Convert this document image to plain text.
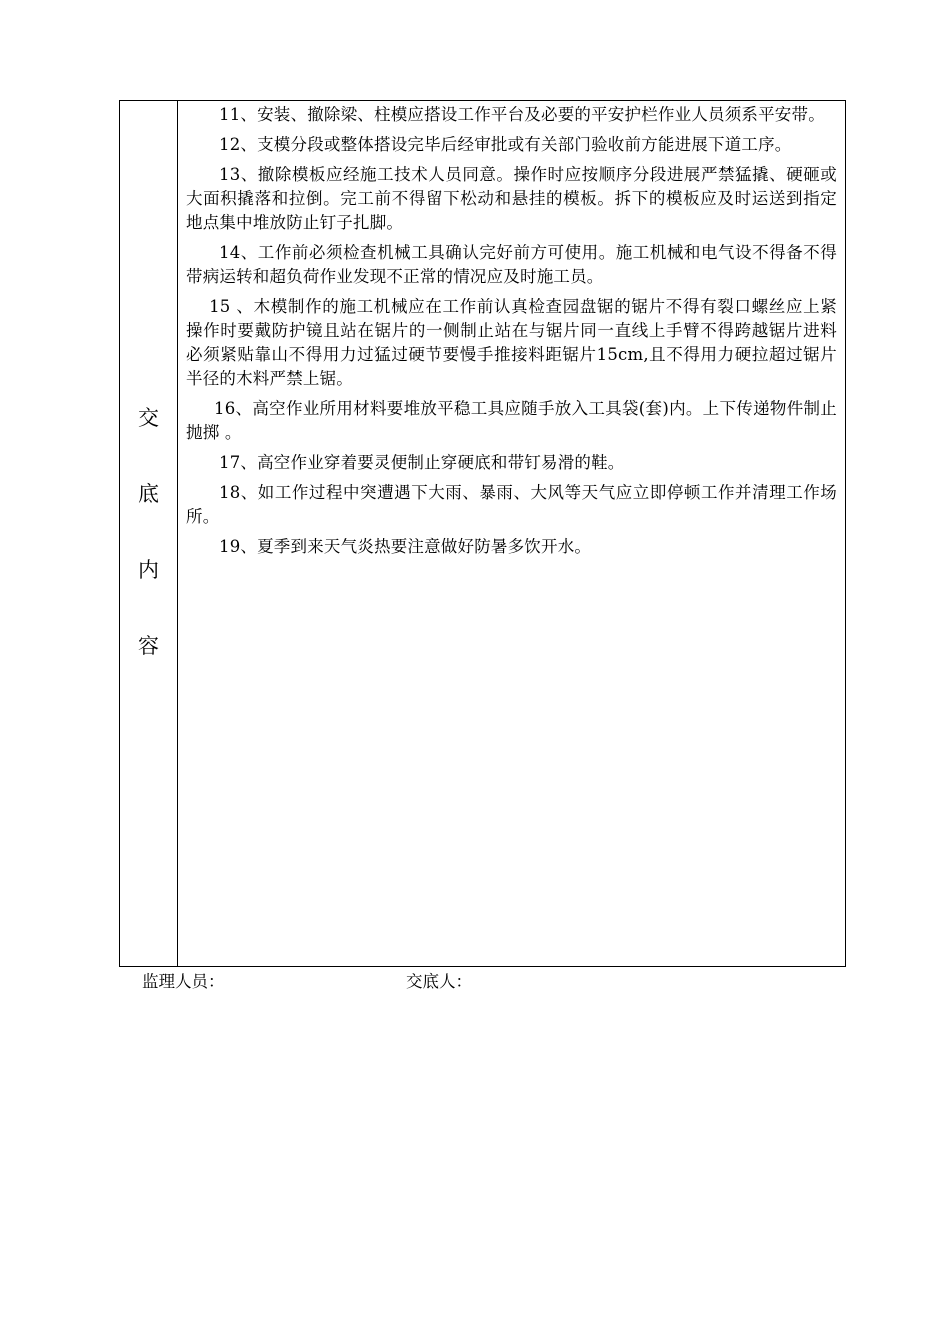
交
底
内
容

11、安装、撤除梁、柱模应搭设工作平台及必要的平安护栏作业人员须系平安带。

12、支模分段或整体搭设完毕后经审批或有关部门验收前方能进展下道工序。

13、撤除模板应经施工技术人员同意。操作时应按顺序分段进展严禁猛撬、硬砸或大面积撬落和拉倒。完工前不得留下松动和悬挂的模板。拆下的模板应及时运送到指定地点集中堆放防止钉子扎脚。

14、工作前必须检查机械工具确认完好前方可使用。施工机械和电气设不得备不得带病运转和超负荷作业发现不正常的情况应及时施工员。

15 、木模制作的施工机械应在工作前认真检查园盘锯的锯片不得有裂口螺丝应上紧操作时要戴防护镜且站在锯片的一侧制止站在与锯片同一直线上手臂不得跨越锯片进料必须紧贴靠山不得用力过猛过硬节要慢手推接料距锯片15cm,且不得用力硬拉超过锯片半径的木料严禁上锯。

16、高空作业所用材料要堆放平稳工具应随手放入工具袋(套)内。上下传递物件制止抛掷 。

17、高空作业穿着要灵便制止穿硬底和带钉易滑的鞋。

18、如工作过程中突遭遇下大雨、暴雨、大风等天气应立即停顿工作并清理工作场所。

19、夏季到来天气炎热要注意做好防暑多饮开水。

监理人员：	交底人：
